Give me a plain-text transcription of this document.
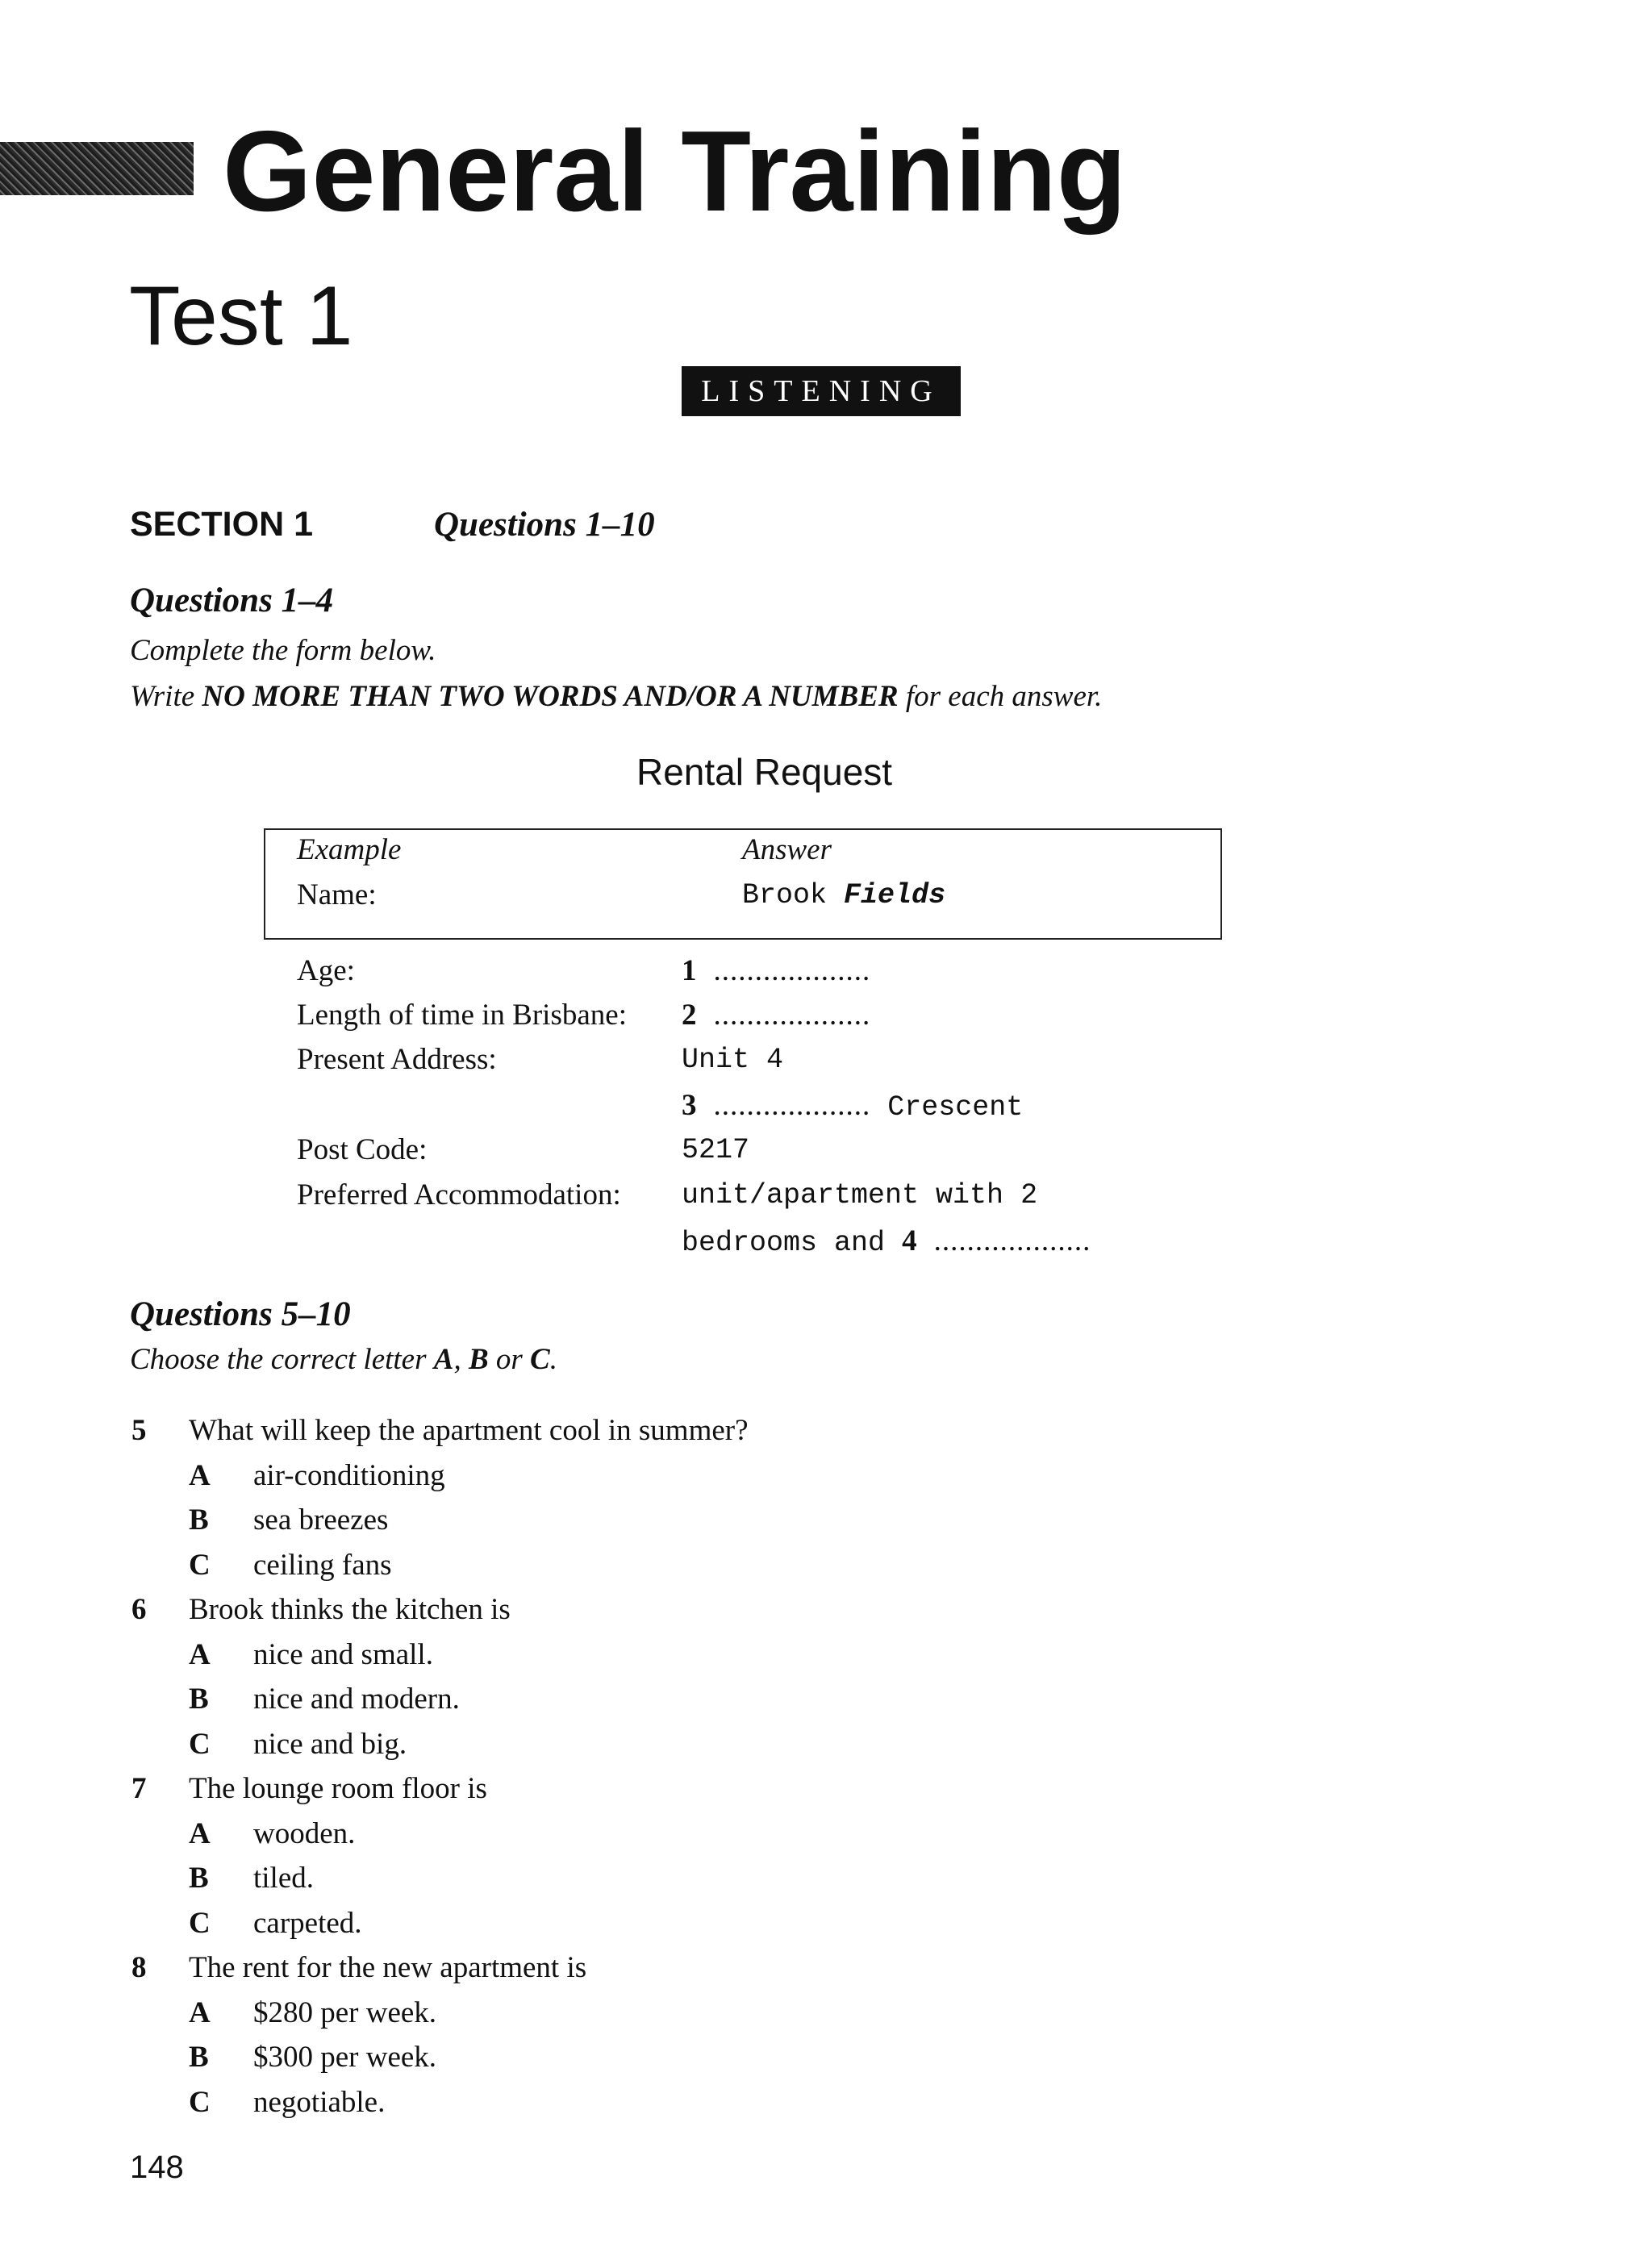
General Training
Test 1
LISTENING
SECTION 1	Questions 1–10
Questions 1–4
Complete the form below.
Write NO MORE THAN TWO WORDS AND/OR A NUMBER for each answer.
Rental Request
Example	Answer
Name:	Brook Fields
Age:	1 ...................
Length of time in Brisbane: 2 ...................
Present Address:	Unit 4
3 ................... Crescent
Post Code:	5217
Preferred Accommodation: unit/apartment with 2
bedrooms and 4 ...................
Questions 5–10
Choose the correct letter A, B or C.
5 What will keep the apartment cool in summer?
A air-conditioning
B sea breezes
C ceiling fans
6 Brook thinks the kitchen is
A nice and small.
B nice and modern.
C nice and big.
7 The lounge room floor is
A wooden.
B tiled.
C carpeted.
8 The rent for the new apartment is
A $280 per week.
B $300 per week.
C negotiable.
148
